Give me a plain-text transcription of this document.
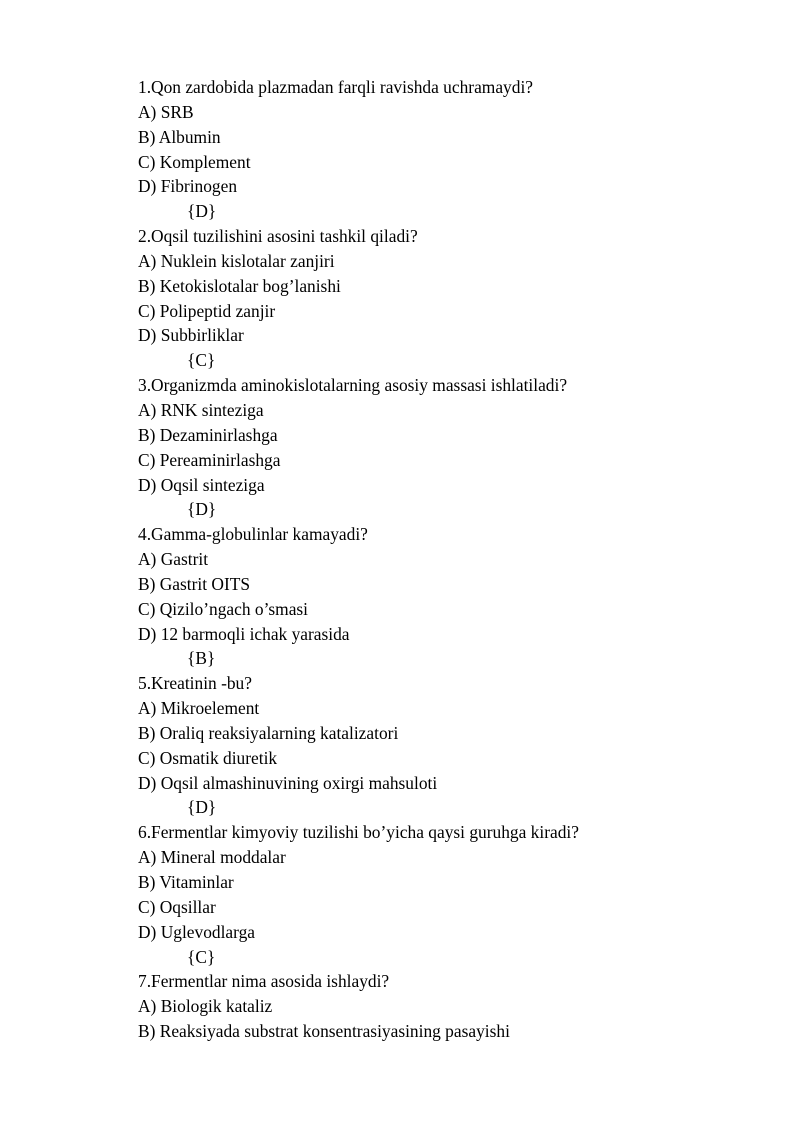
1.Qon zardobida plazmadan farqli ravishda uchramaydi?
A) SRB
B) Albumin
C) Komplement
D) Fibrinogen
{D}
2.Oqsil tuzilishini asosini tashkil qiladi?
A) Nuklein kislotalar zanjiri
B) Ketokislotalar bog’lanishi
C) Polipeptid zanjir
D) Subbirliklar
{C}
3.Organizmda aminokislotalarning asosiy massasi ishlatiladi?
A) RNK sinteziga
B) Dezaminirlashga
C) Pereaminirlashga
D) Oqsil sinteziga
{D}
4.Gamma-globulinlar kamayadi?
A) Gastrit
B) Gastrit OITS
C) Qizilo’ngach o’smasi
D) 12 barmoqli ichak yarasida
{B}
5.Kreatinin -bu?
A) Mikroelement
B) Oraliq reaksiyalarning katalizatori
C) Osmatik diuretik
D) Oqsil almashinuvining oxirgi mahsuloti
{D}
6.Fermentlar kimyoviy tuzilishi bo’yicha qaysi guruhga kiradi?
A) Mineral moddalar
B) Vitaminlar
C) Oqsillar
D) Uglevodlarga
{C}
7.Fermentlar nima asosida ishlaydi?
A) Biologik kataliz
B) Reaksiyada substrat konsentrasiyasining pasayishi
